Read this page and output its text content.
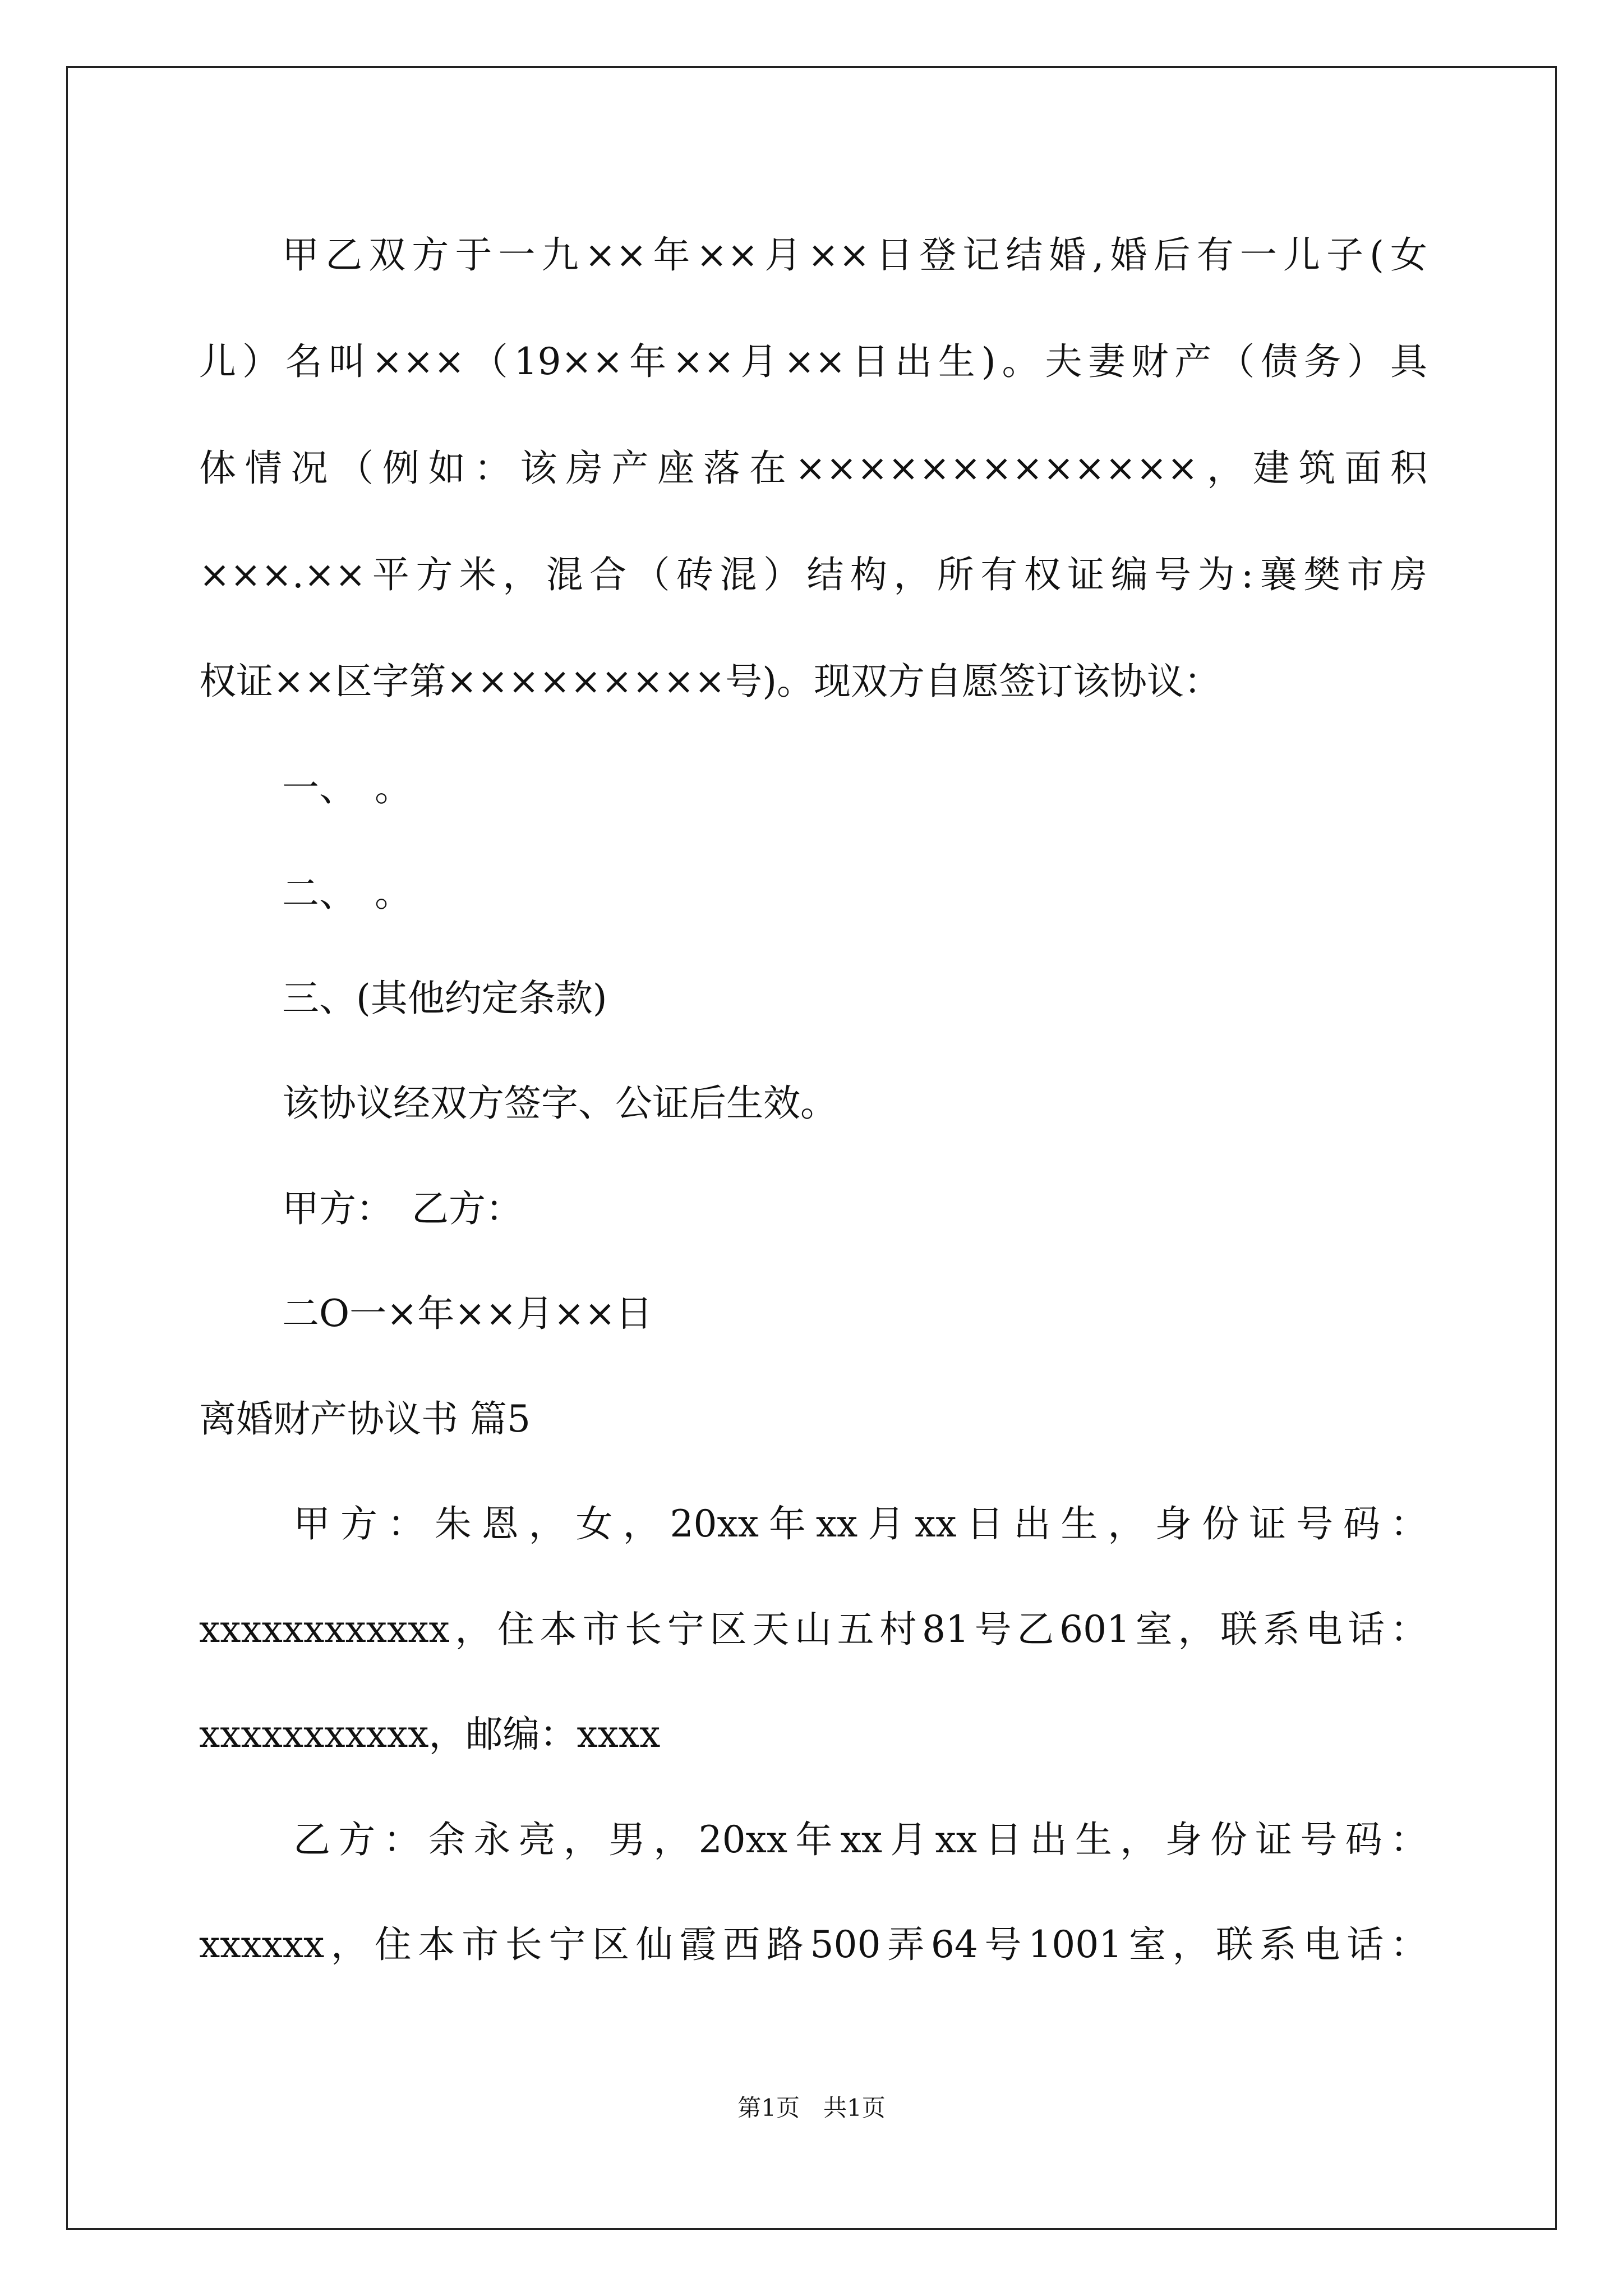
甲乙双方于一九××年××月××日登记结婚,婚后有一儿子(女
儿）名叫×××（19××年××月××日出生)。夫妻财产（债务）具
体情况（例如：该房产座落在×××××××××××××，建筑面积
×××.××平方米，混合（砖混）结构，所有权证编号为:襄樊市房
权证××区字第×××××××××号)。现双方自愿签订该协议：
一、　。
二、　。
三、(其他约定条款)
该协议经双方签字、公证后生效。
甲方：　乙方：
二O一×年××月××日
离婚财产协议书 篇5
甲方：朱恩，女，20xx年xx月xx日出生，身份证号码：
xxxxxxxxxxxx，住本市长宁区天山五村81号乙601室，联系电话：
xxxxxxxxxxx，邮编：xxxx
乙方：余永亮，男，20xx年xx月xx日出生，身份证号码：
xxxxxx，住本市长宁区仙霞西路500弄64号1001室，联系电话：
第1页　共1页
